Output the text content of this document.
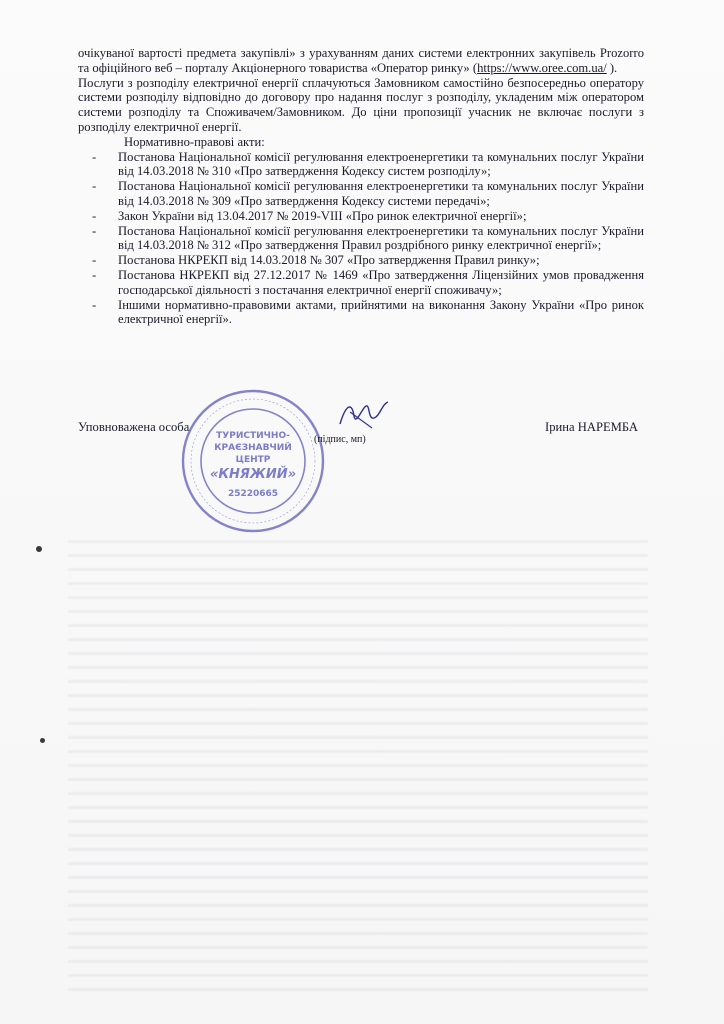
очікуваної вартості предмета закупівлі» з урахуванням даних системи електронних закупівель Prozorro та офіційного веб – порталу Акціонерного товариства «Оператор ринку» (https://www.oree.com.ua/ ).

Послуги з розподілу електричної енергії сплачуються Замовником самостійно безпосередньо оператору системи розподілу відповідно до договору про надання послуг з розподілу, укладеним між оператором системи розподілу та Споживачем/Замовником. До ціни пропозиції учасник не включає послуги з розподілу електричної енергії.

Нормативно-правові акти:

- Постанова Національної комісії регулювання електроенергетики та комунальних послуг України від 14.03.2018 № 310 «Про затвердження Кодексу систем розподілу»;
- Постанова Національної комісії регулювання електроенергетики та комунальних послуг України від 14.03.2018 № 309 «Про затвердження Кодексу системи передачі»;
- Закон України від 13.04.2017 № 2019-VIII «Про ринок електричної енергії»;
- Постанова Національної комісії регулювання електроенергетики та комунальних послуг України від 14.03.2018 № 312 «Про затвердження Правил роздрібного ринку електричної енергії»;
- Постанова НКРЕКП від 14.03.2018 № 307 «Про затвердження Правил ринку»;
- Постанова НКРЕКП від 27.12.2017 № 1469 «Про затвердження Ліцензійних умов провадження господарської діяльності з постачання електричної енергії споживачу»;
- Іншими нормативно-правовими актами, прийнятими на виконання Закону України «Про ринок електричної енергії».
ТУРИСТИЧНО-
КРАЄЗНАВЧИЙ
ЦЕНТР
«КНЯЖИЙ»
25220665
Уповноважена особа
(підпис, мп)
Ірина НАРЕМБА
